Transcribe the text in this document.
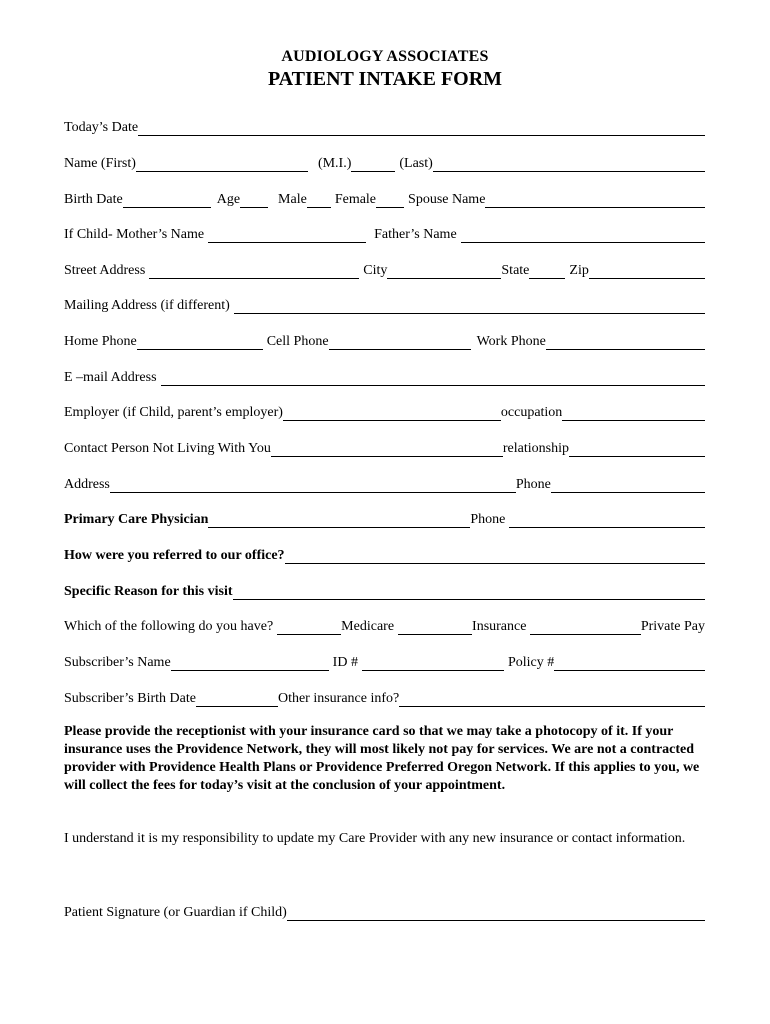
AUDIOLOGY ASSOCIATES
PATIENT INTAKE FORM
Today’s Date
Name (First)	(M.I.)	(Last)
Birth Date	Age	Male Female Spouse Name
If Child- Mother’s Name	Father’s Name
Street Address	City	State	Zip
Mailing Address (if different)
Home Phone	Cell Phone	Work Phone
E –mail Address
Employer (if Child, parent’s employer)	occupation
Contact Person Not Living With You	relationship
Address	Phone
Primary Care Physician	Phone
How were you referred to our office?
Specific Reason for this visit
Which of the following do you have?	Medicare	Insurance	Private Pay
Subscriber’s Name	ID #	Policy #
Subscriber’s Birth Date	Other insurance info?
Please provide the receptionist with your insurance card so that we may take a photocopy of it. If your insurance uses the Providence Network, they will most likely not pay for services. We are not a contracted provider with Providence Health Plans or Providence Preferred Oregon Network. If this applies to you, we will collect the fees for today’s visit at the conclusion of your appointment.
I understand it is my responsibility to update my Care Provider with any new insurance or contact information.
Patient Signature (or Guardian if Child)
